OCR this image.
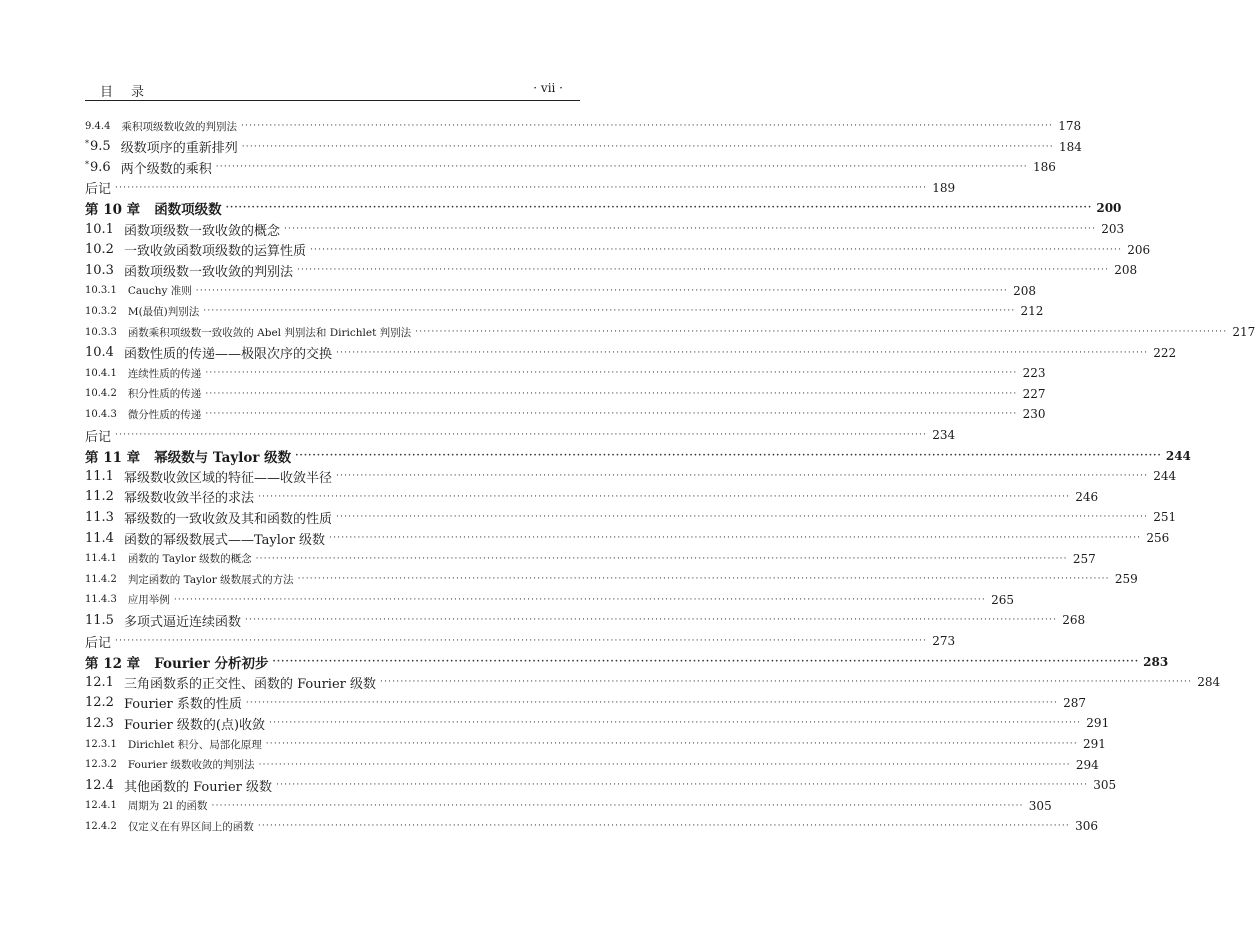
目录	· vii ·
9.4.4 乘积项级数收敛的判别法 ········································································································································································································ 178
*9.5 级数项序的重新排列 ········································································································································································································ 184
*9.6 两个级数的乘积 ········································································································································································································ 186
后记 ········································································································································································································ 189
第 10 章 函数项级数 ········································································································································································································ 200
10.1 函数项级数一致收敛的概念 ········································································································································································································ 203
10.2 一致收敛函数项级数的运算性质 ········································································································································································································ 206
10.3 函数项级数一致收敛的判别法 ········································································································································································································ 208
10.3.1 Cauchy 准则 ········································································································································································································ 208
10.3.2 M(最值)判别法 ········································································································································································································ 212
10.3.3 函数乘积项级数一致收敛的 Abel 判别法和 Dirichlet 判别法 ········································································································································································································ 217
10.4 函数性质的传递——极限次序的交换 ········································································································································································································ 222
10.4.1 连续性质的传递 ········································································································································································································ 223
10.4.2 积分性质的传递 ········································································································································································································ 227
10.4.3 微分性质的传递 ········································································································································································································ 230
后记 ········································································································································································································ 234
第 11 章 幂级数与 Taylor 级数 ········································································································································································································ 244
11.1 幂级数收敛区域的特征——收敛半径 ········································································································································································································ 244
11.2 幂级数收敛半径的求法 ········································································································································································································ 246
11.3 幂级数的一致收敛及其和函数的性质 ········································································································································································································ 251
11.4 函数的幂级数展式——Taylor 级数 ········································································································································································································ 256
11.4.1 函数的 Taylor 级数的概念 ········································································································································································································ 257
11.4.2 判定函数的 Taylor 级数展式的方法 ········································································································································································································ 259
11.4.3 应用举例 ········································································································································································································ 265
11.5 多项式逼近连续函数 ········································································································································································································ 268
后记 ········································································································································································································ 273
第 12 章 Fourier 分析初步 ········································································································································································································ 283
12.1 三角函数系的正交性、函数的 Fourier 级数 ········································································································································································································ 284
12.2 Fourier 系数的性质 ········································································································································································································ 287
12.3 Fourier 级数的(点)收敛 ········································································································································································································ 291
12.3.1 Dirichlet 积分、局部化原理 ········································································································································································································ 291
12.3.2 Fourier 级数收敛的判别法 ········································································································································································································ 294
12.4 其他函数的 Fourier 级数 ········································································································································································································ 305
12.4.1 周期为 2l 的函数 ········································································································································································································ 305
12.4.2 仅定义在有界区间上的函数 ········································································································································································································ 306
